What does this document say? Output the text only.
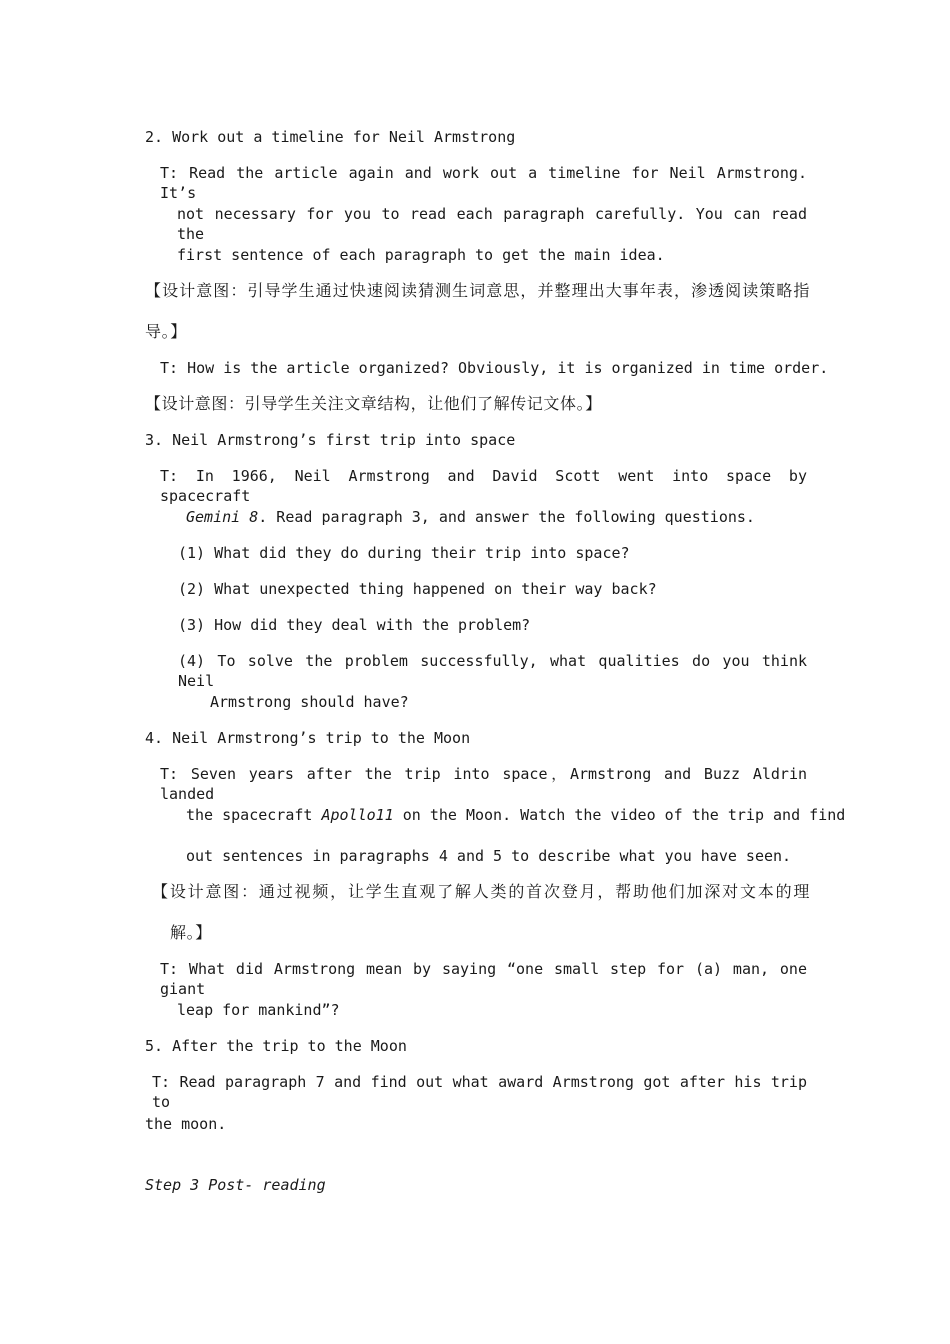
2. Work out a timeline for Neil Armstrong
T: Read the article again and work out a timeline for Neil Armstrong. It’s
not necessary for you to read each paragraph carefully. You can read the
first sentence of each paragraph to get the main idea.
【设计意图：引导学生通过快速阅读猜测生词意思，并整理出大事年表，渗透阅读策略指
导。】
T: How is the article organized? Obviously, it is organized in time order.
【设计意图：引导学生关注文章结构，让他们了解传记文体。】
3. Neil Armstrong’s first trip into space
T: In 1966, Neil Armstrong and David Scott went into space by spacecraft
Gemini 8. Read paragraph 3, and answer the following questions.
(1) What did they do during their trip into space?
(2) What unexpected thing happened on their way back?
(3) How did they deal with the problem?
(4) To solve the problem successfully, what qualities do you think Neil
Armstrong should have?
4. Neil Armstrong’s trip to the Moon
T: Seven years after the trip into space，Armstrong and Buzz Aldrin landed
the spacecraft Apollo11 on the Moon. Watch the video of the trip and find
out sentences in paragraphs 4 and 5 to describe what you have seen.
【设计意图：通过视频，让学生直观了解人类的首次登月，帮助他们加深对文本的理
解。】
T: What did Armstrong mean by saying “one small step for (a) man, one giant
leap for mankind”?
5. After the trip to the Moon
T: Read paragraph 7 and find out what award Armstrong got after his trip to
the moon.
Step 3 Post- reading
